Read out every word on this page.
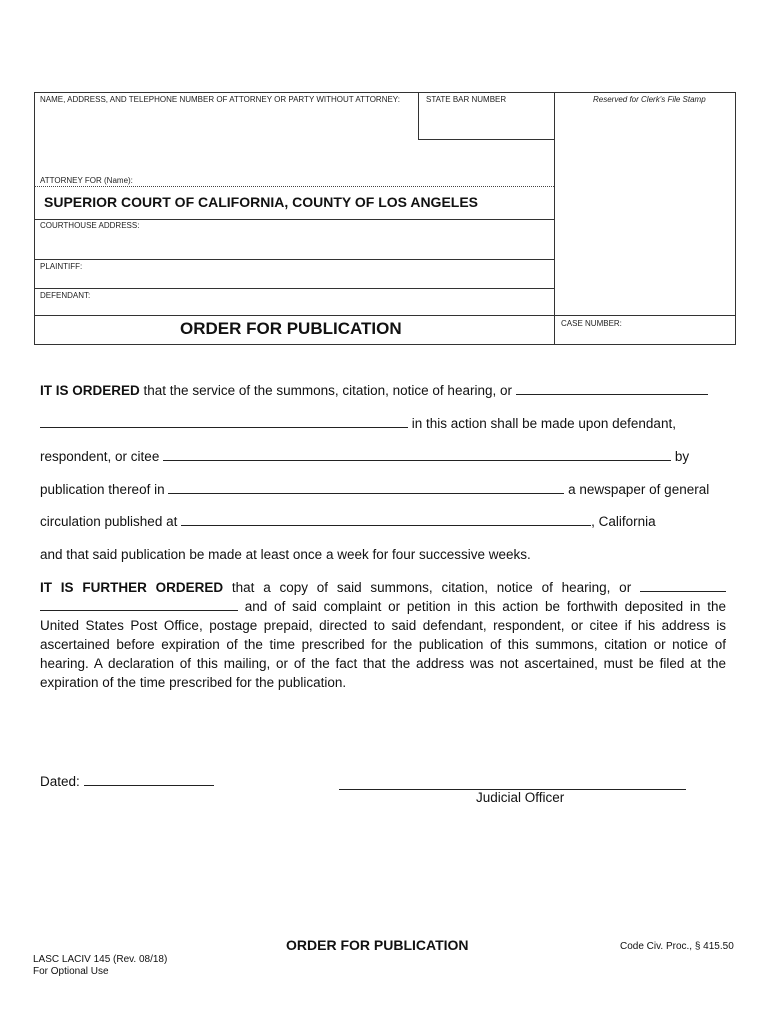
NAME, ADDRESS, AND TELEPHONE NUMBER OF ATTORNEY OR PARTY WITHOUT ATTORNEY:	STATE BAR NUMBER	Reserved for Clerk's File Stamp
ATTORNEY FOR (Name):
SUPERIOR COURT OF CALIFORNIA, COUNTY OF LOS ANGELES
COURTHOUSE ADDRESS:
PLAINTIFF:
DEFENDANT:
ORDER FOR PUBLICATION	CASE NUMBER:
IT IS ORDERED that the service of the summons, citation, notice of hearing, or
in this action shall be made upon defendant,
respondent, or citee	by
publication thereof in	a newspaper of general
circulation published at	, California
and that said publication be made at least once a week for four successive weeks.
IT IS FURTHER ORDERED that a copy of said summons, citation, notice of hearing, or
and of said complaint or petition in this action be forthwith deposited in the
United States Post Office, postage prepaid, directed to said defendant, respondent, or citee if his address is ascertained before expiration of the time prescribed for the publication of this summons, citation or notice of hearing. A declaration of this mailing, or of the fact that the address was not ascertained, must be filed at the expiration of the time prescribed for the publication.
Dated:
Judicial Officer
ORDER FOR PUBLICATION	Code Civ. Proc., § 415.50
LASC LACIV 145 (Rev. 08/18)
For Optional Use
